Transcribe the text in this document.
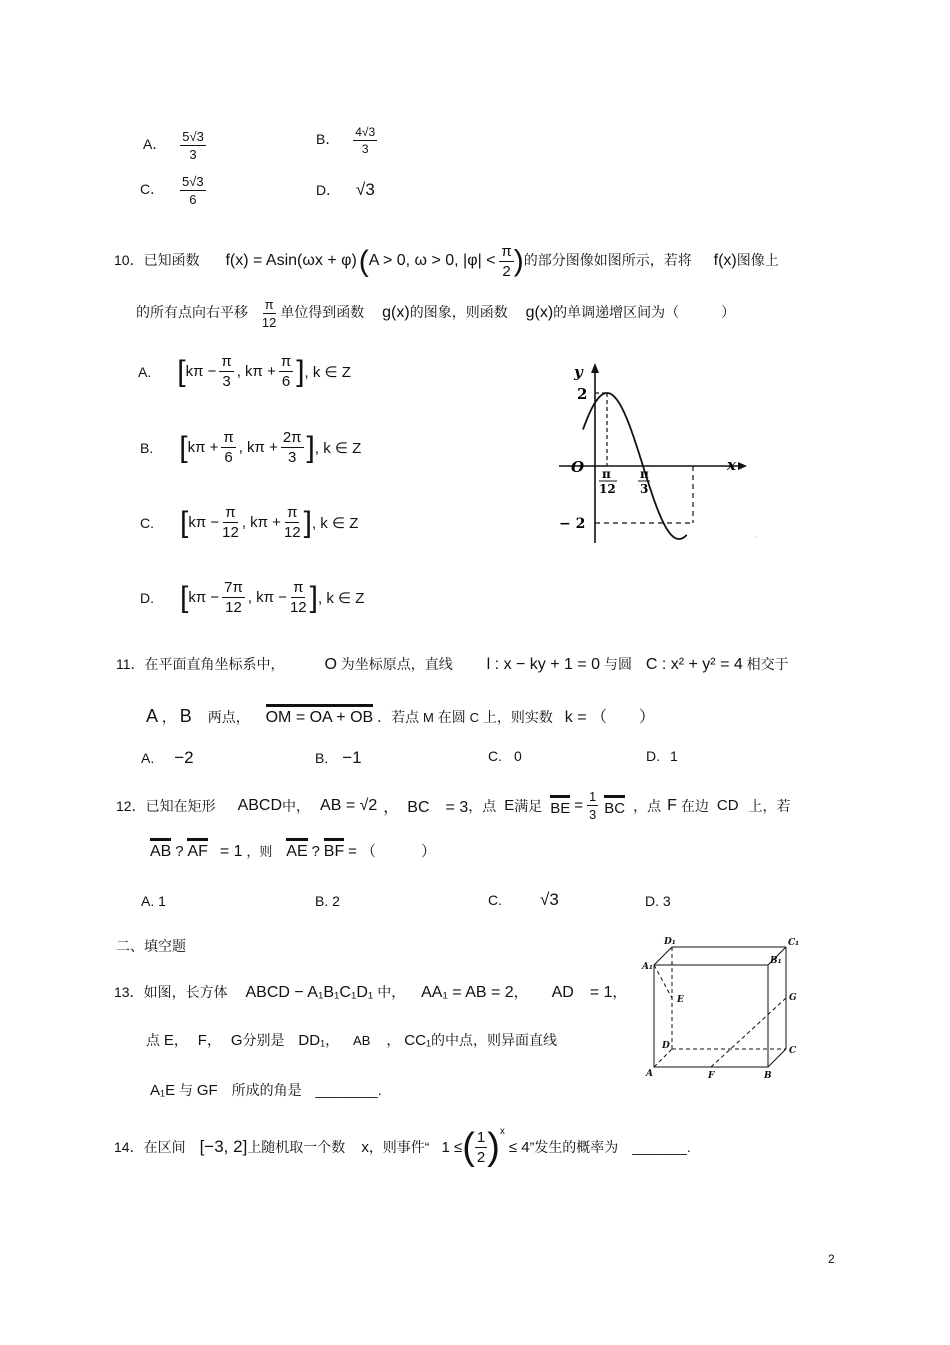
A． $\frac{5√3}{3}$	B． $\frac{4√3}{3}$
C． $\frac{5√3}{6}$	D． √3
10．已知函数 f(x) = Asin(ωx + φ) (A > 0, ω > 0, $|\varphi| < \frac{\pi}{2}$ )的部分图像如图所示，若将 f(x)图像上
的所有点向右平移 $\frac{\pi}{12}$ 单位得到函数 g(x)的图象，则函数 g(x)的单调递增区间为（　　　）
A. [ $k\pi - \frac{\pi}{3}$ , $k\pi + \frac{\pi}{6}$ ] , k ∈ Z
B. [ $k\pi + \frac{\pi}{6}$ , $k\pi + \frac{2\pi}{3}$ ] , k ∈ Z
C. [ $k\pi - \frac{\pi}{12}$ , $k\pi + \frac{\pi}{12}$ ] , k ∈ Z
D. [ $k\pi - \frac{7\pi}{12}$ , $k\pi - \frac{\pi}{12}$ ] , k ∈ Z
y
x
O
2
− 2
π
12
π
3
·
11．在平面直角坐标系中， O 为坐标原点，直线 l : x − ky + 1 = 0 与圆 C : x² + y² = 4 相交于
A ， B 两点， OM = OA + OB ．若点 M 在圆 C 上，则实数 k = （　　）
A. −2	B. −1	C. 0	D. 1
12．已知在矩形 ABCD 中， AB = √2 ，　BC　= 3 ，点 E 满足 BE = $\frac{1}{3}$ BC ，点 F 在边 CD 上，若
AB ? AF = 1 ，则 AE ? BF = （　　　）
A. 1	B. 2	C. √3	D. 3
二、填空题
13．如图，长方体 ABCD − A₁B₁C₁D₁ 中， AA₁ = AB = 2， AD　= 1，
点 E， F， G分别是 DD₁， AB ， CC₁的中点，则异面直线
A₁E 与 GF 所成的角是 ________.
D₁	C₁
A₁
B₁
D	C
A	B
E
F
G
14．在区间 [−3, 2] 上随机取一个数 x ，则事件“ 1 ≤ ( $\frac{1}{2}$ ) x
≤ 4 ”发生的概率为 _______.
2
